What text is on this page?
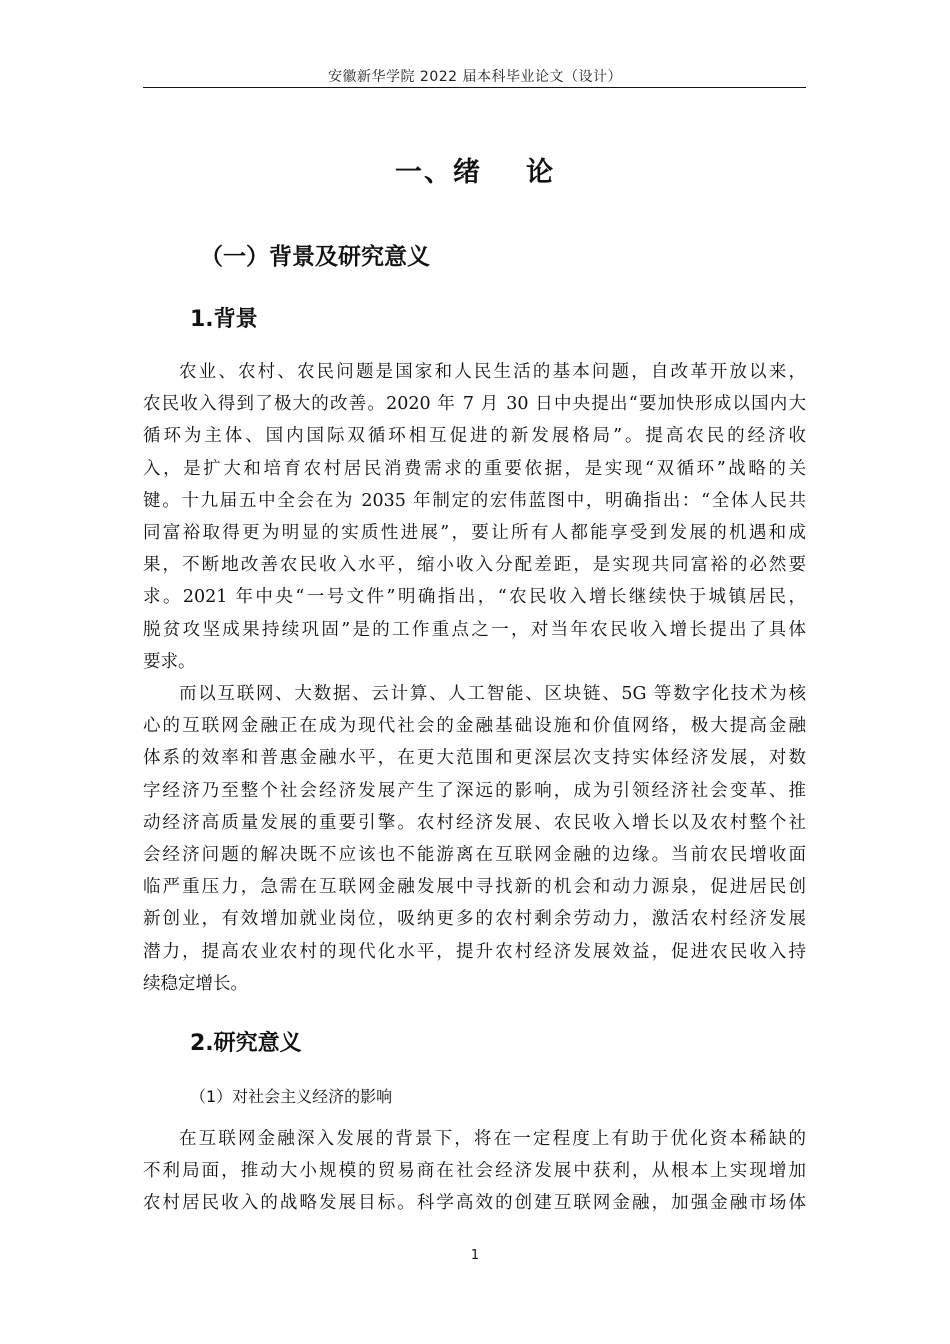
安徽新华学院 2022 届本科毕业论文（设计）
一、绪 论
（一）背景及研究意义
1.背景
农业、农村、农民问题是国家和人民生活的基本问题，自改革开放以来，
农民收入得到了极大的改善。2020 年 7 月 30 日中央提出“要加快形成以国内大
循环为主体、国内国际双循环相互促进的新发展格局”。提高农民的经济收
入，是扩大和培育农村居民消费需求的重要依据，是实现“双循环”战略的关
键。十九届五中全会在为 2035 年制定的宏伟蓝图中，明确指出：“全体人民共
同富裕取得更为明显的实质性进展”，要让所有人都能享受到发展的机遇和成
果，不断地改善农民收入水平，缩小收入分配差距，是实现共同富裕的必然要
求。2021 年中央“一号文件”明确指出，“农民收入增长继续快于城镇居民，
脱贫攻坚成果持续巩固”是的工作重点之一，对当年农民收入增长提出了具体
要求。
而以互联网、大数据、云计算、人工智能、区块链、5G 等数字化技术为核
心的互联网金融正在成为现代社会的金融基础设施和价值网络，极大提高金融
体系的效率和普惠金融水平，在更大范围和更深层次支持实体经济发展，对数
字经济乃至整个社会经济发展产生了深远的影响，成为引领经济社会变革、推
动经济高质量发展的重要引擎。农村经济发展、农民收入增长以及农村整个社
会经济问题的解决既不应该也不能游离在互联网金融的边缘。当前农民增收面
临严重压力，急需在互联网金融发展中寻找新的机会和动力源泉，促进居民创
新创业，有效增加就业岗位，吸纳更多的农村剩余劳动力，激活农村经济发展
潜力，提高农业农村的现代化水平，提升农村经济发展效益，促进农民收入持
续稳定增长。
2.研究意义
（1）对社会主义经济的影响
在互联网金融深入发展的背景下，将在一定程度上有助于优化资本稀缺的
不利局面，推动大小规模的贸易商在社会经济发展中获利，从根本上实现增加
农村居民收入的战略发展目标。科学高效的创建互联网金融，加强金融市场体
1
